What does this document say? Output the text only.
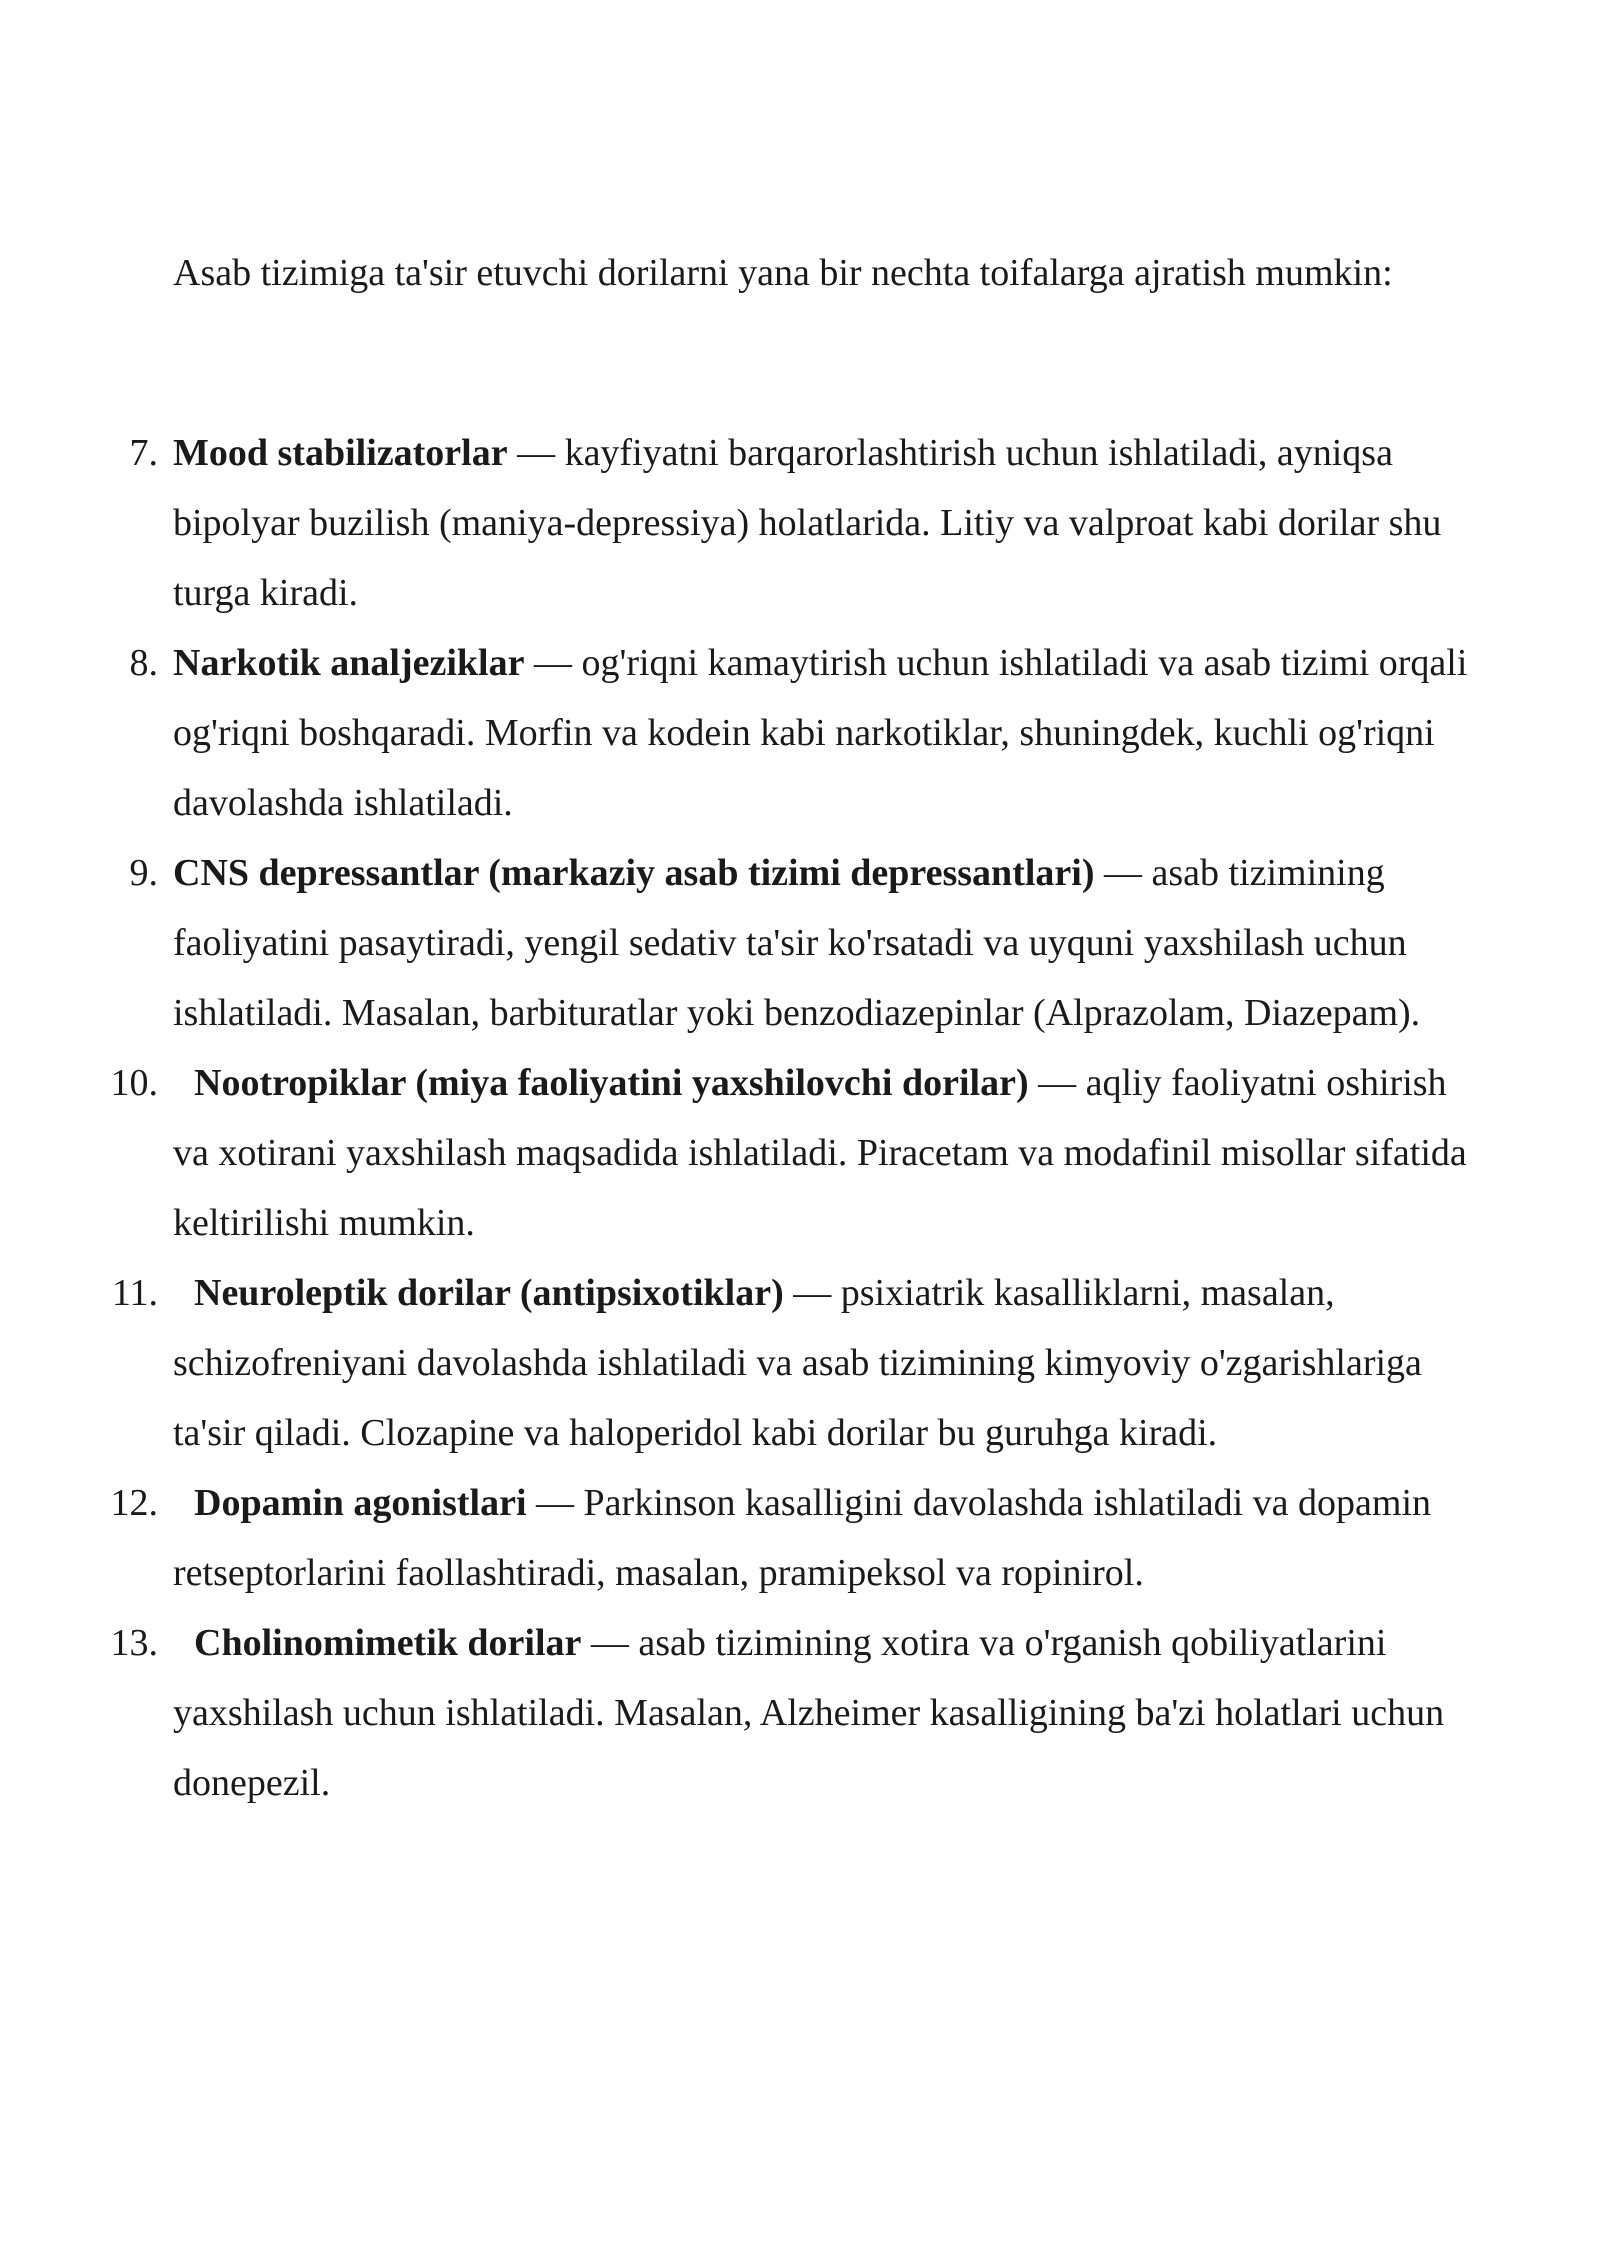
Asab tizimiga ta'sir etuvchi dorilarni yana bir nechta toifalarga ajratish mumkin:

7. Mood stabilizatorlar — kayfiyatni barqarorlashtirish uchun ishlatiladi, ayniqsa bipolyar buzilish (maniya-depressiya) holatlarida. Litiy va valproat kabi dorilar shu turga kiradi.
8. Narkotik analjeziklar — og'riqni kamaytirish uchun ishlatiladi va asab tizimi orqali og'riqni boshqaradi. Morfin va kodein kabi narkotiklar, shuningdek, kuchli og'riqni davolashda ishlatiladi.
9. CNS depressantlar (markaziy asab tizimi depressantlari) — asab tizimining faoliyatini pasaytiradi, yengil sedativ ta'sir ko'rsatadi va uyquni yaxshilash uchun ishlatiladi. Masalan, barbituratlar yoki benzodiazepinlar (Alprazolam, Diazepam).
10. Nootropiklar (miya faoliyatini yaxshilovchi dorilar) — aqliy faoliyatni oshirish va xotirani yaxshilash maqsadida ishlatiladi. Piracetam va modafinil misollar sifatida keltirilishi mumkin.
11. Neuroleptik dorilar (antipsixotiklar) — psixiatrik kasalliklarni, masalan, schizofreniyani davolashda ishlatiladi va asab tizimining kimyoviy o'zgarishlariga ta'sir qiladi. Clozapine va haloperidol kabi dorilar bu guruhga kiradi.
12. Dopamin agonistlari — Parkinson kasalligini davolashda ishlatiladi va dopamin retseptorlarini faollashtiradi, masalan, pramipeksol va ropinirol.
13. Cholinomimetik dorilar — asab tizimining xotira va o'rganish qobiliyatlarini yaxshilash uchun ishlatiladi. Masalan, Alzheimer kasalligining ba'zi holatlari uchun donepezil.
